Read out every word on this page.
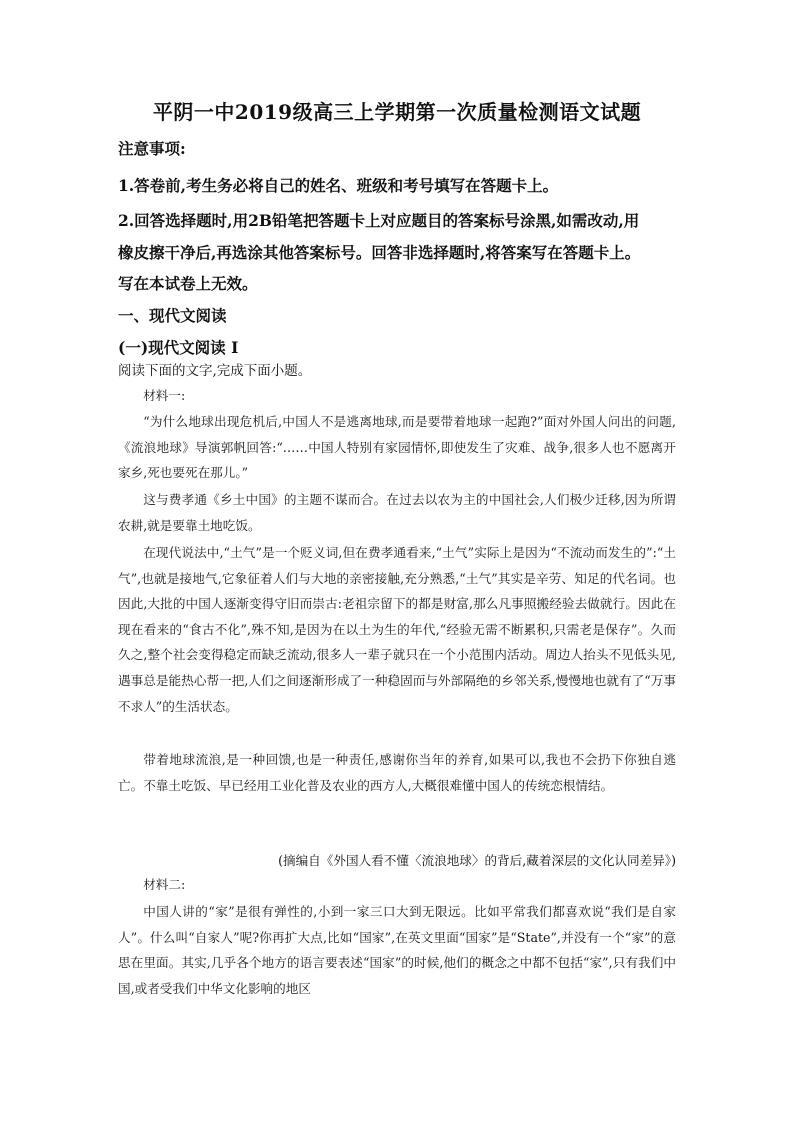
平阴一中2019级高三上学期第一次质量检测语文试题
注意事项:
1.答卷前,考生务必将自己的姓名、班级和考号填写在答题卡上。
2.回答选择题时,用2B铅笔把答题卡上对应题目的答案标号涂黑,如需改动,用
橡皮擦干净后,再选涂其他答案标号。回答非选择题时,将答案写在答题卡上。
写在本试卷上无效。
一、现代文阅读
(一)现代文阅读 I
阅读下面的文字,完成下面小题。
材料一:
“为什么地球出现危机后,中国人不是逃离地球,而是要带着地球一起跑?”面对外国人问出的问题,《流浪地球》导演郭帆回答:“……中国人特别有家园情怀,即使发生了灾难、战争,很多人也不愿离开家乡,死也要死在那儿。”
这与费孝通《乡土中国》的主题不谋而合。在过去以农为主的中国社会,人们极少迁移,因为所谓农耕,就是要靠土地吃饭。
在现代说法中,“土气”是一个贬义词,但在费孝通看来,“土气”实际上是因为“不流动而发生的”:“土气”,也就是接地气,它象征着人们与大地的亲密接触,充分熟悉,“土气”其实是辛劳、知足的代名词。也因此,大批的中国人逐渐变得守旧而崇古:老祖宗留下的都是财富,那么凡事照搬经验去做就行。因此在现在看来的“食古不化”,殊不知,是因为在以土为生的年代,“经验无需不断累积,只需老是保存”。久而久之,整个社会变得稳定而缺乏流动,很多人一辈子就只在一个小范围内活动。周边人抬头不见低头见,遇事总是能热心帮一把,人们之间逐渐形成了一种稳固而与外部隔绝的乡邻关系,慢慢地也就有了“万事不求人”的生活状态。
带着地球流浪,是一种回馈,也是一种责任,感谢你当年的养育,如果可以,我也不会扔下你独自逃亡。不靠土吃饭、早已经用工业化普及农业的西方人,大概很难懂中国人的传统恋根情结。
(摘编自《外国人看不懂〈流浪地球〉的背后,藏着深层的文化认同差异》)
材料二:
中国人讲的“家”是很有弹性的,小到一家三口大到无限远。比如平常我们都喜欢说“我们是自家人”。什么叫“自家人”呢?你再扩大点,比如“国家”,在英文里面“国家”是“State”,并没有一个“家”的意思在里面。其实,几乎各个地方的语言要表述“国家”的时候,他们的概念之中都不包括“家”,只有我们中国,或者受我们中华文化影响的地区
